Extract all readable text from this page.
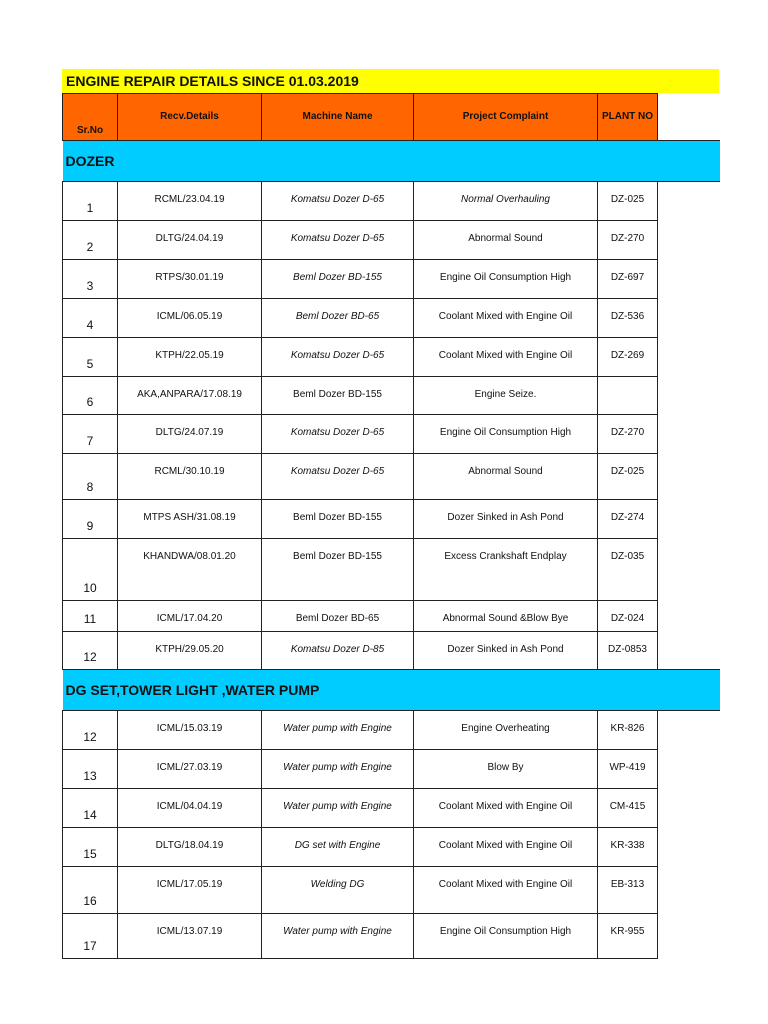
ENGINE REPAIR DETAILS SINCE 01.03.2019
Sr.No	Recv.Details	Machine Name	Project Complaint	PLANT NO	
DOZER					
1	RCML/23.04.19	Komatsu Dozer D-65	Normal Overhauling	DZ-025	
2	DLTG/24.04.19	Komatsu Dozer D-65	Abnormal Sound	DZ-270	
3	RTPS/30.01.19	Beml Dozer BD-155	Engine Oil Consumption High	DZ-697	
4	ICML/06.05.19	Beml Dozer BD-65	Coolant Mixed with Engine Oil	DZ-536	
5	KTPH/22.05.19	Komatsu Dozer D-65	Coolant Mixed with Engine Oil	DZ-269	
6	AKA,ANPARA/17.08.19	Beml Dozer BD-155	Engine Seize.		
7	DLTG/24.07.19	Komatsu Dozer D-65	Engine Oil Consumption High	DZ-270	
8	RCML/30.10.19	Komatsu Dozer D-65	Abnormal Sound	DZ-025	
9	MTPS ASH/31.08.19	Beml Dozer BD-155	Dozer Sinked in Ash Pond	DZ-274	
10	KHANDWA/08.01.20	Beml Dozer BD-155	Excess Crankshaft Endplay	DZ-035	
11	ICML/17.04.20	Beml Dozer BD-65	Abnormal Sound &Blow Bye	DZ-024	
12	KTPH/29.05.20	Komatsu Dozer D-85	Dozer Sinked in Ash Pond	DZ-0853	
DG SET,TOWER LIGHT ,WATER PUMP					
12	ICML/15.03.19	Water pump with Engine	Engine Overheating	KR-826	
13	ICML/27.03.19	Water pump with Engine	Blow By	WP-419	
14	ICML/04.04.19	Water pump with Engine	Coolant Mixed with Engine Oil	CM-415	
15	DLTG/18.04.19	DG set with Engine	Coolant Mixed with Engine Oil	KR-338	
16	ICML/17.05.19	Welding DG	Coolant Mixed with Engine Oil	EB-313	
17	ICML/13.07.19	Water pump with Engine	Engine Oil Consumption High	KR-955	
